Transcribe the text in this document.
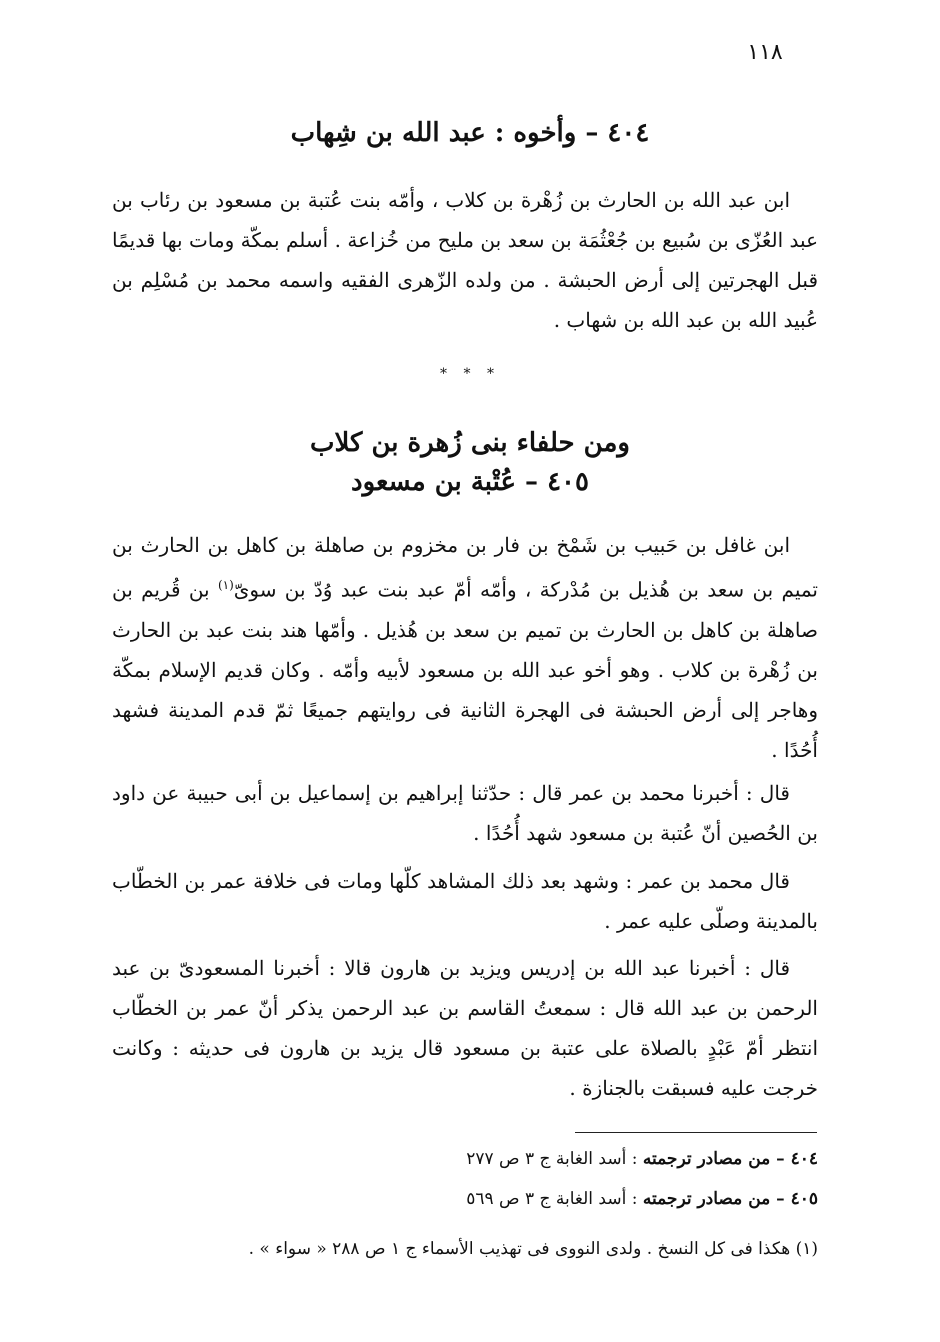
١١٨
٤٠٤ – وأخوه : عبد الله بن شِهاب

ابن عبد الله بن الحارث بن زُهْرة بن كلاب ، وأمّه بنت عُتبة بن مسعود بن رئاب بن عبد العُزّى بن سُبيع بن جُعْثُمَة بن سعد بن مليح من خُزاعة . أسلم بمكّة ومات بها قديمًا قبل الهجرتين إلى أرض الحبشة . من ولده الزّهرى الفقيه واسمه محمد بن مُسْلِم بن عُبيد الله بن عبد الله بن شهاب .

* * *
ومن حلفاء بنى زُهرة بن كلاب
٤٠٥ – عُتْبة بن مسعود

ابن غافل بن حَبيب بن شَمْخ بن فار بن مخزوم بن صاهلة بن كاهل بن الحارث بن تميم بن سعد بن هُذيل بن مُدْركة ، وأمّه أمّ عبد بنت عبد وُدّ بن سوىّ$^{(١)}$ بن قُريم بن صاهلة بن كاهل بن الحارث بن تميم بن سعد بن هُذيل . وأمّها هند بنت عبد بن الحارث بن زُهْرة بن كلاب . وهو أخو عبد الله بن مسعود لأبيه وأمّه . وكان قديم الإسلام بمكّة وهاجر إلى أرض الحبشة فى الهجرة الثانية فى روايتهم جميعًا ثمّ قدم المدينة فشهد أُحُدًا .

قال : أخبرنا محمد بن عمر قال : حدّثنا إبراهيم بن إسماعيل بن أبى حبيبة عن داود بن الحُصين أنّ عُتبة بن مسعود شهد أُحُدًا .

قال محمد بن عمر : وشهد بعد ذلك المشاهد كلّها ومات فى خلافة عمر بن الخطّاب بالمدينة وصلّى عليه عمر .

قال : أخبرنا عبد الله بن إدريس ويزيد بن هارون قالا : أخبرنا المسعودىّ بن عبد الرحمن بن عبد الله قال : سمعتُ القاسم بن عبد الرحمن يذكر أنّ عمر بن الخطّاب انتظر أمّ عَبْدٍ بالصلاة على عتبة بن مسعود قال يزيد بن هارون فى حديثه : وكانت خرجت عليه فسبقت بالجنازة .

٤٠٤ – من مصادر ترجمته : أسد الغابة ج ٣ ص ٢٧٧
٤٠٥ – من مصادر ترجمته : أسد الغابة ج ٣ ص ٥٦٩
(١) هكذا فى كل النسخ . ولدى النووى فى تهذيب الأسماء ج ١ ص ٢٨٨ « سواء » .
